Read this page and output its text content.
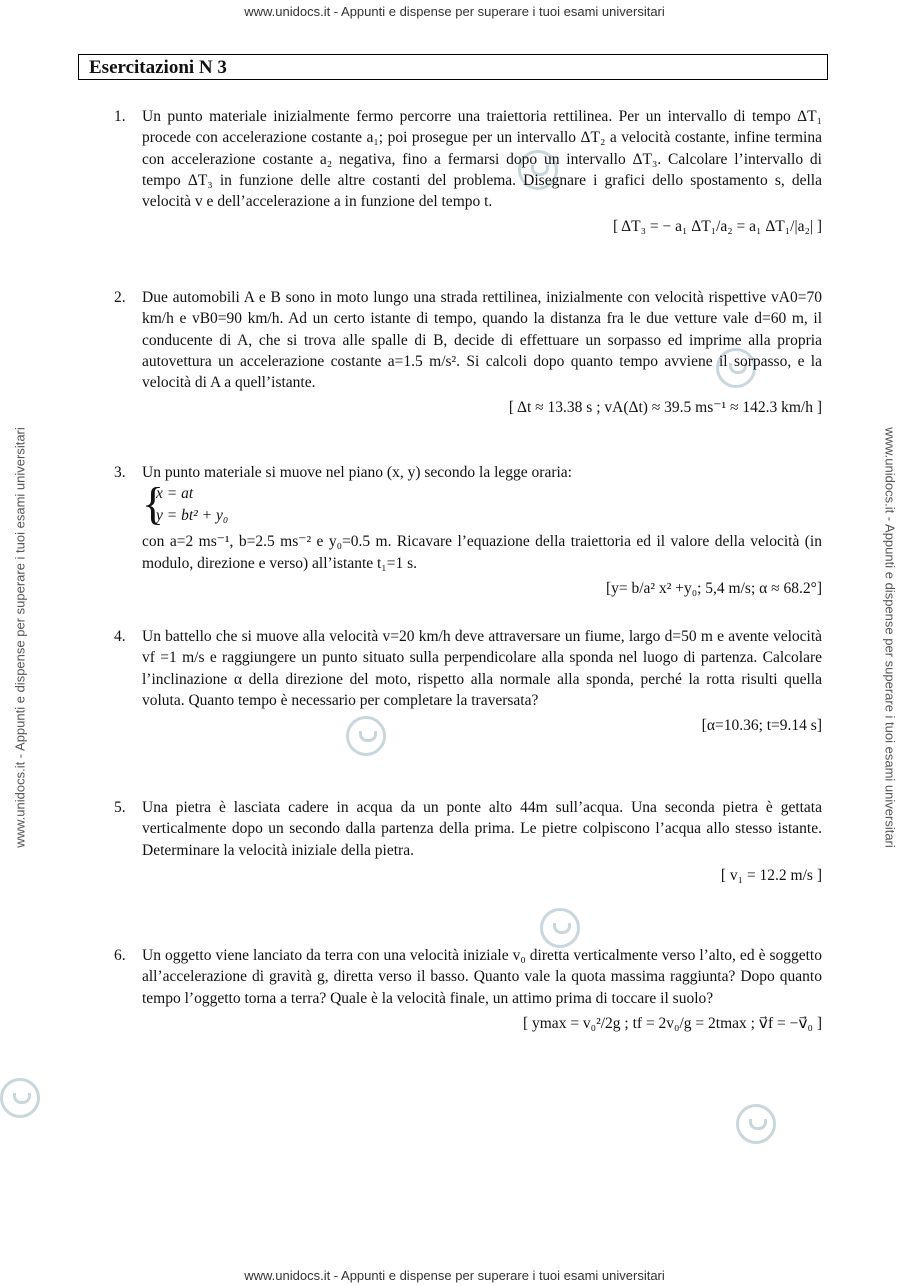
www.unidocs.it - Appunti e dispense per superare i tuoi esami universitari
www.unidocs.it - Appunti e dispense per superare i tuoi esami universitari	www.unidocs.it - Appunti e dispense per superare i tuoi esami universitari
Esercitazioni N 3
1. Un punto materiale inizialmente fermo percorre una traiettoria rettilinea. Per un intervallo di tempo ΔT₁ procede con accelerazione costante a₁; poi prosegue per un intervallo ΔT₂ a velocità costante, infine termina con accelerazione costante a₂ negativa, fino a fermarsi dopo un intervallo ΔT₃. Calcolare l’intervallo di tempo ΔT₃ in funzione delle altre costanti del problema. Disegnare i grafici dello spostamento s, della velocità v e dell’accelerazione a in funzione del tempo t.
[ ΔT₃ = − a₁ ΔT₁/a₂ = a₁ ΔT₁/|a₂| ]
2. Due automobili A e B sono in moto lungo una strada rettilinea, inizialmente con velocità rispettive vA0=70 km/h e vB0=90 km/h. Ad un certo istante di tempo, quando la distanza fra le due vetture vale d=60 m, il conducente di A, che si trova alle spalle di B, decide di effettuare un sorpasso ed imprime alla propria autovettura un accelerazione costante a=1.5 m/s². Si calcoli dopo quanto tempo avviene il sorpasso, e la velocità di A a quell’istante.
[ Δt ≈ 13.38 s ; vA(Δt) ≈ 39.5 ms⁻¹ ≈ 142.3 km/h ]
3. Un punto materiale si muove nel piano (x, y) secondo la legge oraria:
{
x = at
y = bt² + y₀
con a=2 ms⁻¹, b=2.5 ms⁻² e y₀=0.5 m. Ricavare l’equazione della traiettoria ed il valore della velocità (in modulo, direzione e verso) all’istante t₁=1 s.
[y= b/a² x² +y₀; 5,4 m/s; α ≈ 68.2°]
4. Un battello che si muove alla velocità v=20 km/h deve attraversare un fiume, largo d=50 m e avente velocità vf =1 m/s e raggiungere un punto situato sulla perpendicolare alla sponda nel luogo di partenza. Calcolare l’inclinazione α della direzione del moto, rispetto alla normale alla sponda, perché la rotta risulti quella voluta. Quanto tempo è necessario per completare la traversata?
[α=10.36; t=9.14 s]
5. Una pietra è lasciata cadere in acqua da un ponte alto 44m sull’acqua. Una seconda pietra è gettata verticalmente dopo un secondo dalla partenza della prima. Le pietre colpiscono l’acqua allo stesso istante. Determinare la velocità iniziale della pietra.
[ v₁ = 12.2 m/s ]
6. Un oggetto viene lanciato da terra con una velocità iniziale v₀ diretta verticalmente verso l’alto, ed è soggetto all’accelerazione di gravità g, diretta verso il basso. Quanto vale la quota massima raggiunta? Dopo quanto tempo l’oggetto torna a terra? Quale è la velocità finale, un attimo prima di toccare il suolo?
[ ymax = v₀²/2g ; tf = 2v₀/g = 2tmax ; v⃗f = −v⃗₀ ]
www.unidocs.it - Appunti e dispense per superare i tuoi esami universitari
